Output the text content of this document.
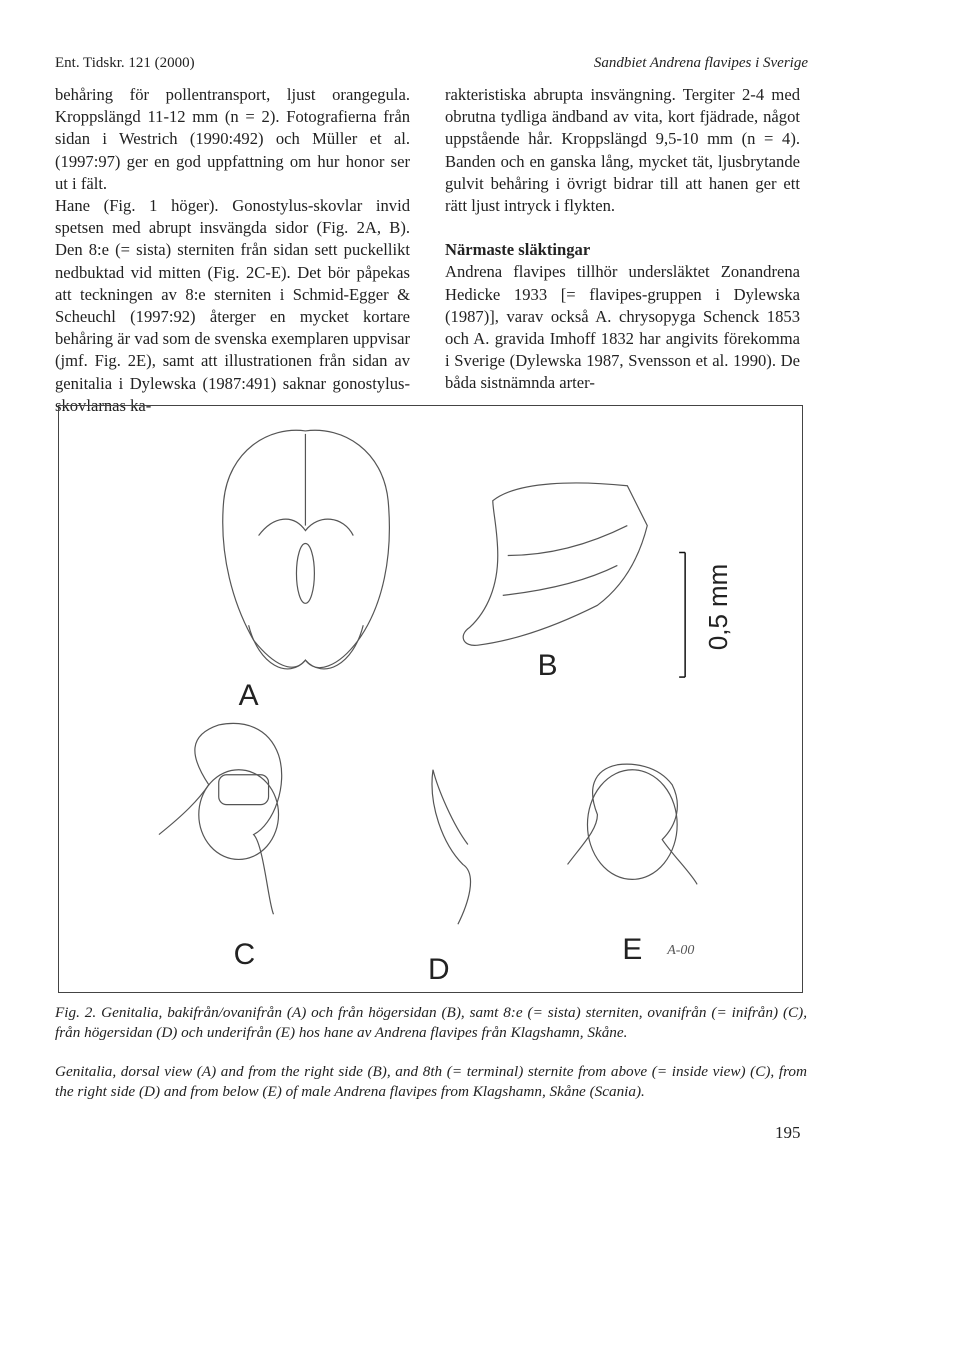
Ent. Tidskr. 121 (2000)	Sandbiet Andrena flavipes i Sverige

behåring för pollentransport, ljust orangegula. Kroppslängd 11-12 mm (n = 2). Fotografierna från sidan i Westrich (1990:492) och Müller et al. (1997:97) ger en god uppfattning om hur honor ser ut i fält.

Hane (Fig. 1 höger). Gonostylus-skovlar invid spetsen med abrupt insvängda sidor (Fig. 2A, B). Den 8:e (= sista) sterniten från sidan sett puckellikt nedbuktad vid mitten (Fig. 2C-E). Det bör påpekas att teckningen av 8:e sterniten i Schmid-Egger & Scheuchl (1997:92) återger en mycket kortare behåring är vad som de svenska exemplaren uppvisar (jmf. Fig. 2E), samt att illustrationen från sidan av genitalia i Dylewska (1987:491) saknar gonostylus-skovlarnas ka-

rakteristiska abrupta insvängning. Tergiter 2-4 med obrutna tydliga ändband av vita, kort fjädrade, något uppstående hår. Kroppslängd 9,5-10 mm (n = 4). Banden och en ganska lång, mycket tät, ljusbrytande gulvit behåring i övrigt bidrar till att hanen ger ett rätt ljust intryck i flykten.

Närmaste släktingar

Andrena flavipes tillhör undersläktet Zonandrena Hedicke 1933 [= flavipes-gruppen i Dylewska (1987)], varav också A. chrysopyga Schenck 1853 och A. gravida Imhoff 1832 har angivits förekomma i Sverige (Dylewska 1987, Svensson et al. 1990). De båda sistnämnda arter-

A
B
0,5 mm
C	D
E A-00
Fig. 2. Genitalia, bakifrån/ovanifrån (A) och från högersidan (B), samt 8:e (= sista) sterniten, ovanifrån (= inifrån) (C), från högersidan (D) och underifrån (E) hos hane av Andrena flavipes från Klagshamn, Skåne.
Genitalia, dorsal view (A) and from the right side (B), and 8th (= terminal) sternite from above (= inside view) (C), from the right side (D) and from below (E) of male Andrena flavipes from Klagshamn, Skåne (Scania).
195
